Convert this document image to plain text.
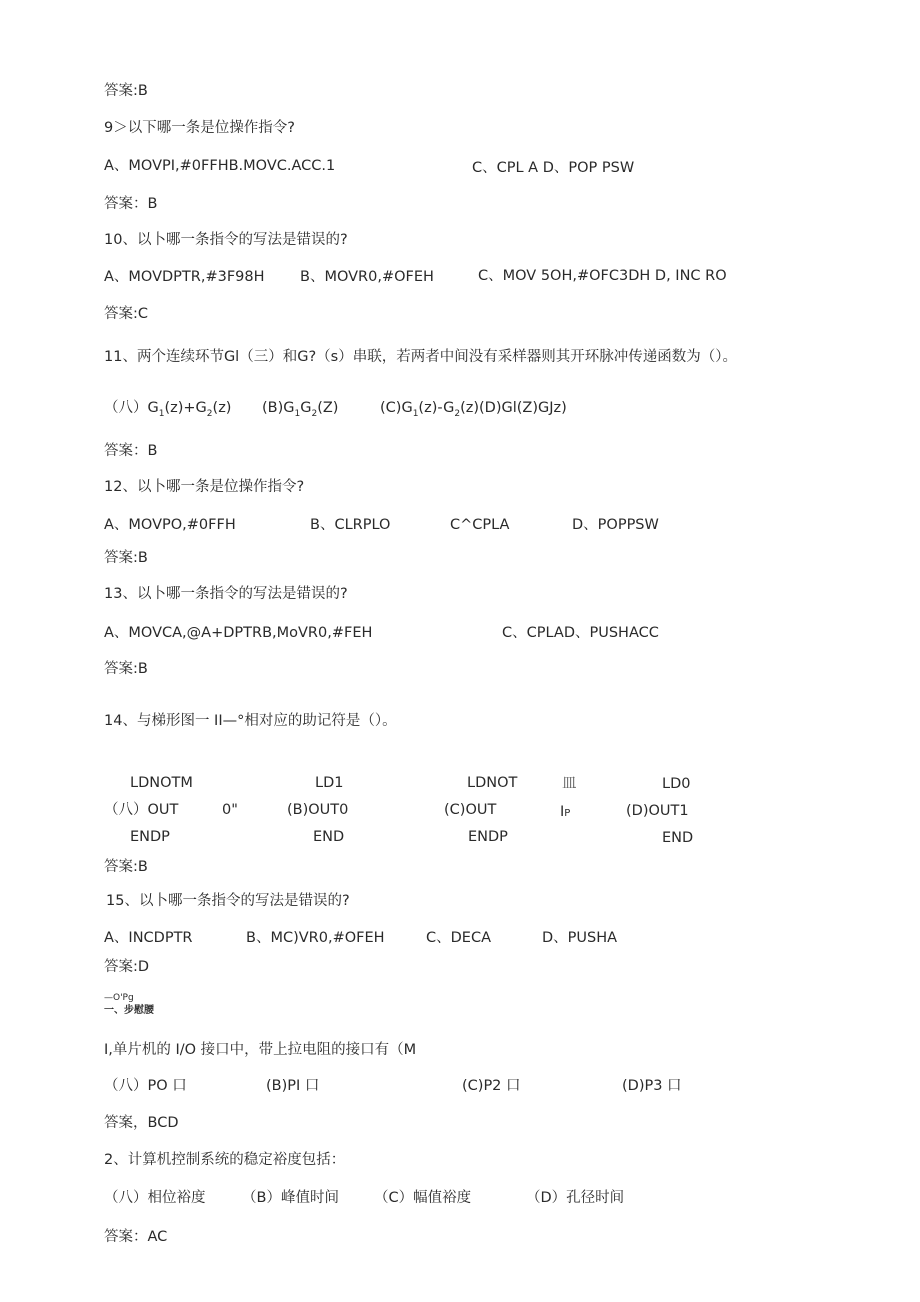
答案:B
9＞以下哪一条是位操作指令?
A、MOVPI,#0FFHB.MOVC.ACC.1	C、CPL A D、POP PSW
答案：B
10、以卜哪一条指令的写法是错误的?
A、MOVDPTR,#3F98H B、MOVR0,#OFEH	C、MOV 5OH,#OFC3DH D, INC RO
答案:C
11、两个连续环节Gl（三）和G?（s）串联，若两者中间没有采样器则其开环脉冲传递函数为（）。
（八）$G_1(z)+G_2(z)$ $(B)G_1G_2(Z)$	$(C)G_1(z)-G_2(z)(D)Gl(Z)GJz$)
答案：B
12、以卜哪一条是位操作指令?
A、MOVPO,#0FFH	B、CLRPLO	C^CPLA	D、POPPSW
答案:B
13、以卜哪一条指令的写法是错误的?
A、MOVCA,@A+DPTRB,MoVR0,#FEH	C、CPLAD、PUSHACC
答案:B
14、与梯形图一 II—°相对应的助记符是（）。
LDNOTM	LD1	LDNOT	皿	LD0
（八）OUT	0"	(B)OUT0	(C)OUT	IP	(D)OUT1
ENDP	END	ENDP	END
答案:B
15、以卜哪一条指令的写法是错误的?
A、INCDPTR	B、MC)VR0,#OFEH	C、DECA	D、PUSHA
答案:D
—O'Pg
一、步慰腰
I,单片机的 I/O 接口中，带上拉电阻的接口有（M
（八）PO 口	(B)PI 口	(C)P2 口	(D)P3 口
答案，BCD
2、计算机控制系统的稳定裕度包括：
（八）相位裕度	（B）峰值时间 （C）幅值裕度	（D）孔径时间
答案：AC
